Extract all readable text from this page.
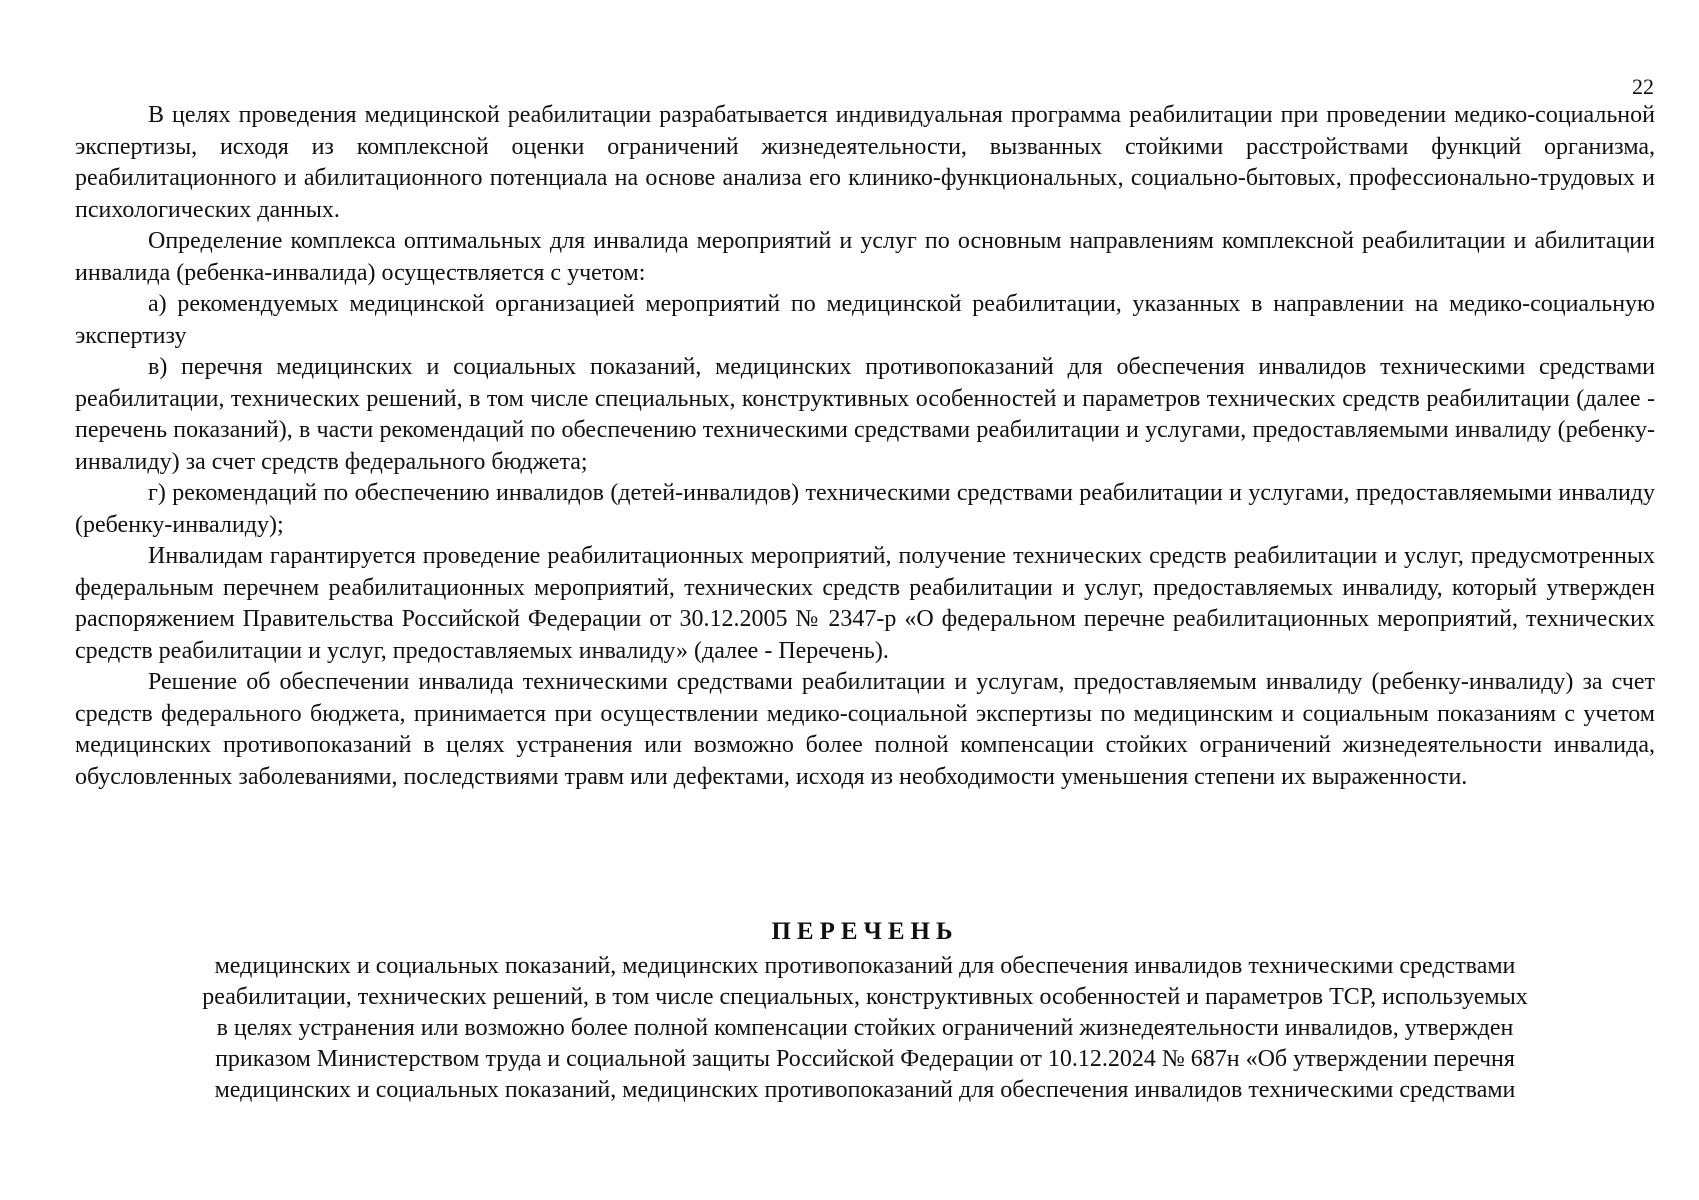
22

В целях проведения медицинской реабилитации разрабатывается индивидуальная программа реабилитации при проведении медико-социальной экспертизы, исходя из комплексной оценки ограничений жизнедеятельности, вызванных стойкими расстройствами функций организма, реабилитационного и абилитационного потенциала на основе анализа его клинико-функциональных, социально-бытовых, профессионально-трудовых и психологических данных.

Определение комплекса оптимальных для инвалида мероприятий и услуг по основным направлениям комплексной реабилитации и абилитации инвалида (ребенка-инвалида) осуществляется с учетом:

а) рекомендуемых медицинской организацией мероприятий по медицинской реабилитации, указанных в направлении на медико-социальную экспертизу

в) перечня медицинских и социальных показаний, медицинских противопоказаний для обеспечения инвалидов техническими средствами реабилитации, технических решений, в том числе специальных, конструктивных особенностей и параметров технических средств реабилитации (далее - перечень показаний), в части рекомендаций по обеспечению техническими средствами реабилитации и услугами, предоставляемыми инвалиду (ребенку-инвалиду) за счет средств федерального бюджета;

г) рекомендаций по обеспечению инвалидов (детей-инвалидов) техническими средствами реабилитации и услугами, предоставляемыми инвалиду (ребенку-инвалиду);

Инвалидам гарантируется проведение реабилитационных мероприятий, получение технических средств реабилитации и услуг, предусмотренных федеральным перечнем реабилитационных мероприятий, технических средств реабилитации и услуг, предоставляемых инвалиду, который утвержден распоряжением Правительства Российской Федерации от 30.12.2005 № 2347-р «О федеральном перечне реабилитационных мероприятий, технических средств реабилитации и услуг, предоставляемых инвалиду» (далее - Перечень).

Решение об обеспечении инвалида техническими средствами реабилитации и услугам, предоставляемым инвалиду (ребенку-инвалиду) за счет средств федерального бюджета, принимается при осуществлении медико-социальной экспертизы по медицинским и социальным показаниям с учетом медицинских противопоказаний в целях устранения или возможно более полной компенсации стойких ограничений жизнедеятельности инвалида, обусловленных заболеваниями, последствиями травм или дефектами, исходя из необходимости уменьшения степени их выраженности.

ПЕРЕЧЕНЬ
медицинских и социальных показаний, медицинских противопоказаний для обеспечения инвалидов техническими средствами
реабилитации, технических решений, в том числе специальных, конструктивных особенностей и параметров ТСР, используемых
в целях устранения или возможно более полной компенсации стойких ограничений жизнедеятельности инвалидов, утвержден
приказом Министерством труда и социальной защиты Российской Федерации от 10.12.2024 № 687н «Об утверждении перечня
медицинских и социальных показаний, медицинских противопоказаний для обеспечения инвалидов техническими средствами
